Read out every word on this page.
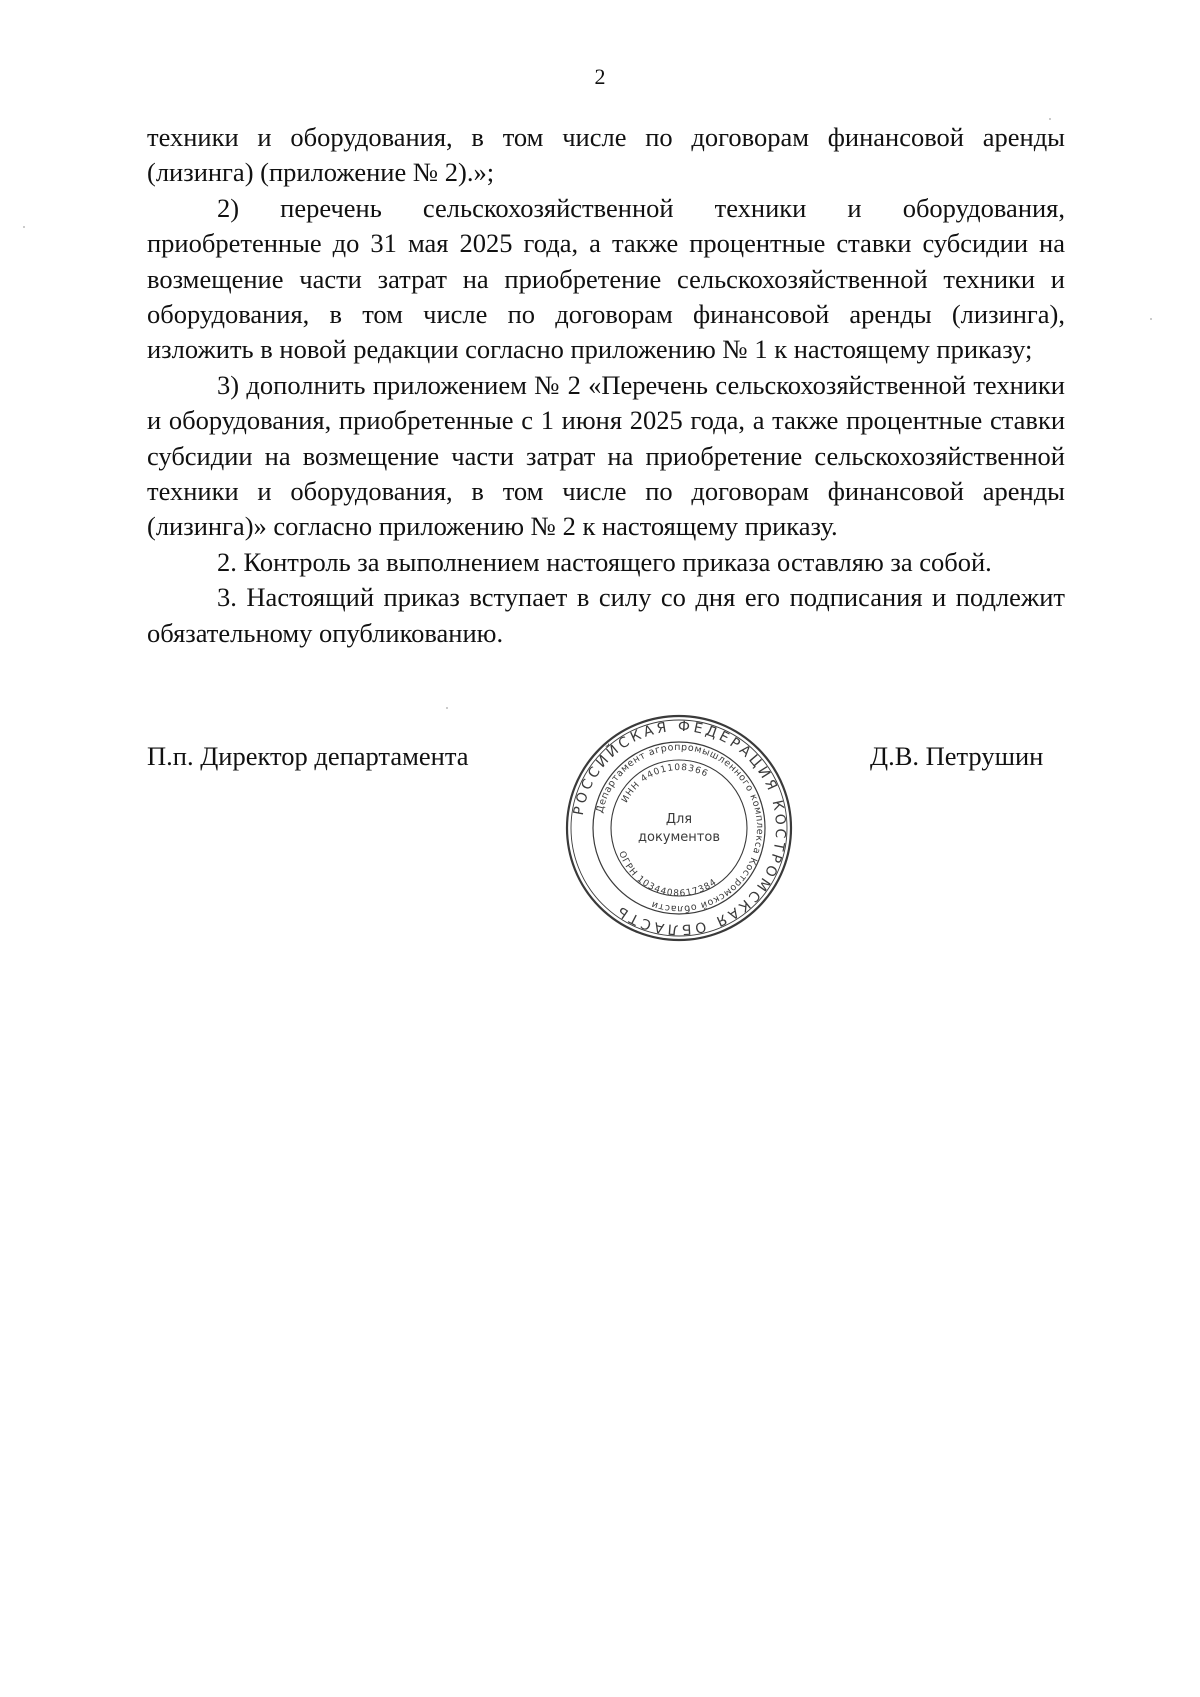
2

техники и оборудования, в том числе по договорам финансовой аренды (лизинга) (приложение № 2).»;

2) перечень сельскохозяйственной техники и оборудования, приобретенные до 31 мая 2025 года, а также процентные ставки субсидии на возмещение части затрат на приобретение сельскохозяйственной техники и оборудования, в том числе по договорам финансовой аренды (лизинга), изложить в новой редакции согласно приложению № 1 к настоящему приказу;

3) дополнить приложением № 2 «Перечень сельскохозяйственной техники и оборудования, приобретенные с 1 июня 2025 года, а также процентные ставки субсидии на возмещение части затрат на приобретение сельскохозяйственной техники и оборудования, в том числе по договорам финансовой аренды (лизинга)» согласно приложению № 2 к настоящему приказу.

2. Контроль за выполнением настоящего приказа оставляю за собой.

3. Настоящий приказ вступает в силу со дня его подписания и подлежит обязательному опубликованию.

П.п. Директор департамента
РОССИЙСКАЯ ФЕДЕРАЦИЯ КОСТРОМСКАЯ ОБЛАСТЬ
Департамент агропромышленного комплекса Костромской области
ИНН 4401108366
ОГРН 1034408617384
Для
документов
Д.В. Петрушин
